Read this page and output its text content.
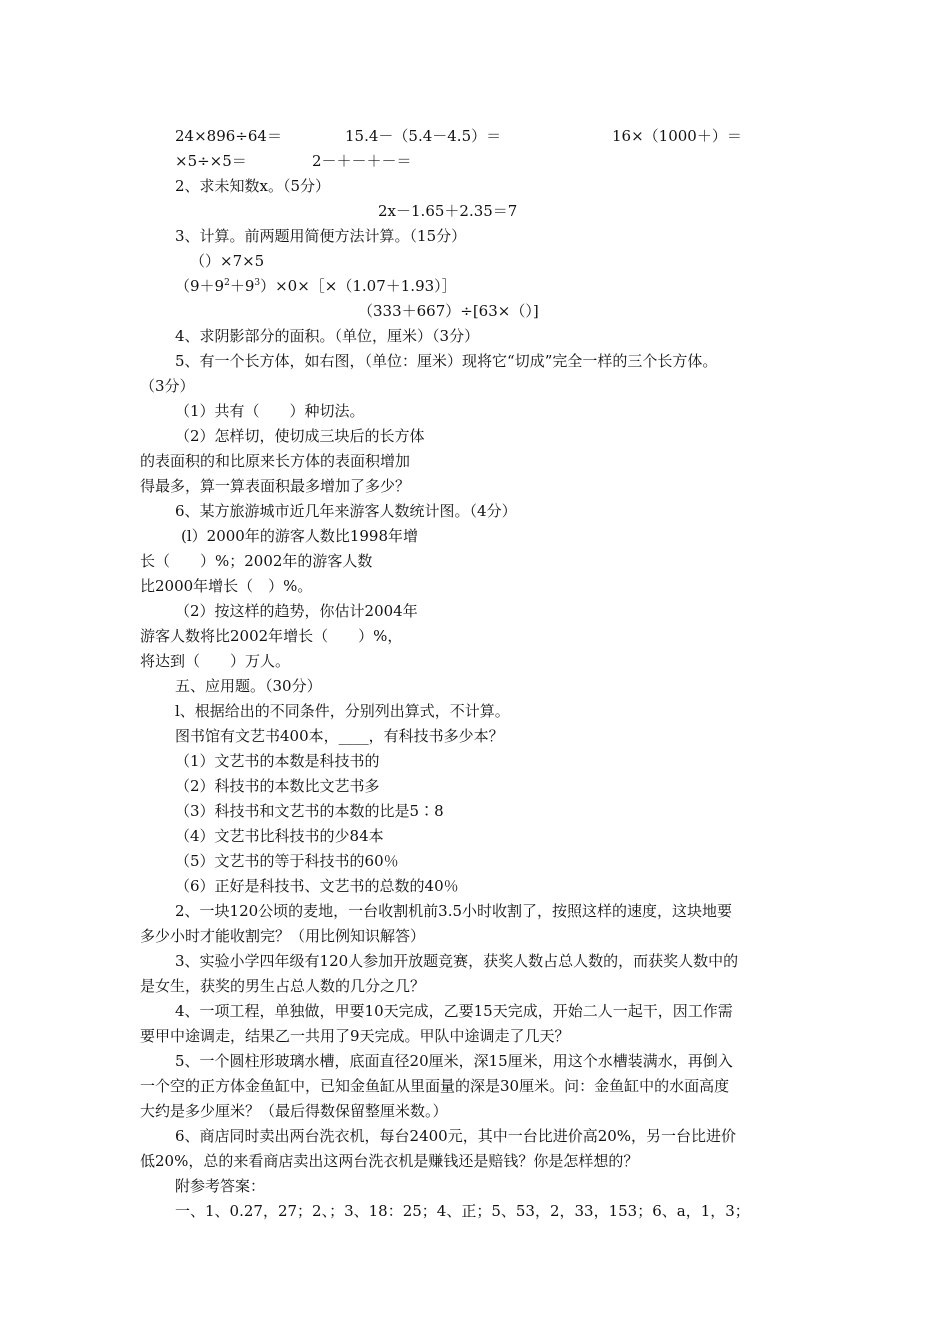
24×896÷64＝	15.4－（5.4－4.5）＝	16×（1000＋）＝
×5÷×5＝	2－＋－＋－＝
2、求未知数x。（5分）
2x－1.65＋2.35＝7
3、计算。前两题用简便方法计算。（15分）
（）×7×5
$(9+9^2+9^3)\times 0\times[\times(1.07+1.93)]$
（333＋667）÷[63×（）]
4、求阴影部分的面积。（单位，厘米）（3分）
5、有一个长方体，如右图，（单位：厘米）现将它“切成”完全一样的三个长方体。
（3分）
（1）共有（　　）种切法。
（2）怎样切，使切成三块后的长方体
的表面积的和比原来长方体的表面积增加
得最多，算一算表面积最多增加了多少？
6、某方旅游城市近几年来游客人数统计图。（4分）
(l）2000年的游客人数比1998年增
长（　　）%；2002年的游客人数
比2000年增长（　）%。
（2）按这样的趋势，你估计2004年
游客人数将比2002年增长（　　）%，
将达到（　　）万人。
五、应用题。（30分）
l、根据给出的不同条件，分别列出算式，不计算。
图书馆有文艺书400本，____，有科技书多少本？
（1）文艺书的本数是科技书的
（2）科技书的本数比文艺书多
（3）科技书和文艺书的本数的比是5∶8
（4）文艺书比科技书的少84本
（5）文艺书的等于科技书的60％
（6）正好是科技书、文艺书的总数的40％
2、一块120公顷的麦地，一台收割机前3.5小时收割了，按照这样的速度，这块地要
多少小时才能收割完？（用比例知识解答）
3、实验小学四年级有120人参加开放题竞赛，获奖人数占总人数的，而获奖人数中的
是女生，获奖的男生占总人数的几分之几？
4、一项工程，单独做，甲要10天完成，乙要15天完成，开始二人一起干，因工作需
要甲中途调走，结果乙一共用了9天完成。甲队中途调走了几天？
5、一个圆柱形玻璃水槽，底面直径20厘米，深15厘米，用这个水槽装满水，再倒入
一个空的正方体金鱼缸中，已知金鱼缸从里面量的深是30厘米。问：金鱼缸中的水面高度
大约是多少厘米？（最后得数保留整厘米数。）
6、商店同时卖出两台洗衣机，每台2400元，其中一台比进价高20%，另一台比进价
低20%，总的来看商店卖出这两台洗衣机是赚钱还是赔钱？你是怎样想的？
附参考答案：
一、1、0.27，27；2、；3、18：25；4、正；5、53，2，33，153；6、a，1，3；
